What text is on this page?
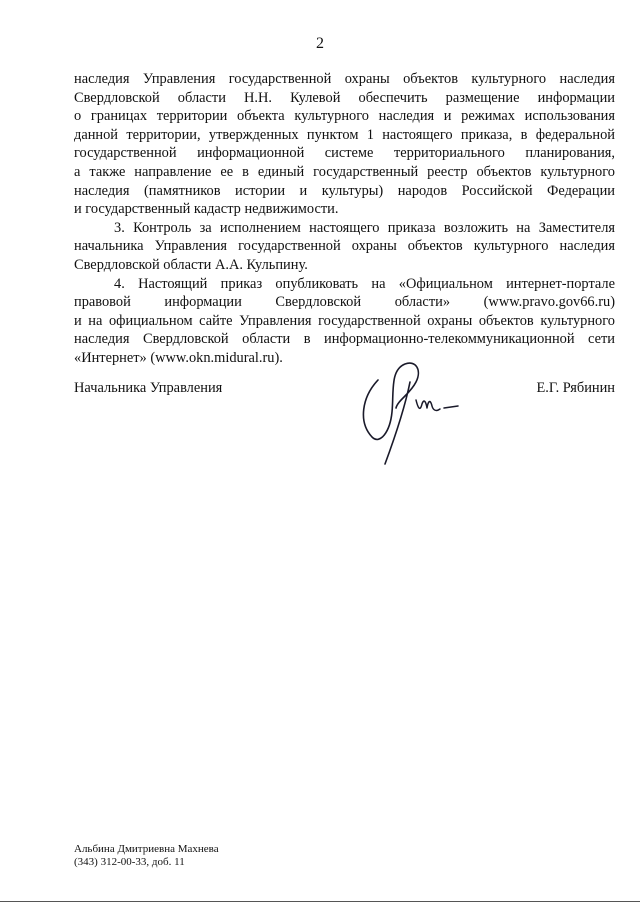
2

наследия Управления государственной охраны объектов культурного наследия
Свердловской области Н.Н. Кулевой обеспечить размещение информации
о границах территории объекта культурного наследия и режимах использования
данной территории, утвержденных пунктом 1 настоящего приказа, в федеральной
государственной информационной системе территориального планирования,
а также направление ее в единый государственный реестр объектов культурного
наследия (памятников истории и культуры) народов Российской Федерации
и государственный кадастр недвижимости.

3. Контроль за исполнением настоящего приказа возложить на Заместителя
начальника Управления государственной охраны объектов культурного наследия
Свердловской области А.А. Кульпину.

4. Настоящий приказ опубликовать на «Официальном интернет-портале
правовой информации Свердловской области» (www.pravo.gov66.ru)
и на официальном сайте Управления государственной охраны объектов культурного
наследия Свердловской области в информационно-телекоммуникационной сети
«Интернет» (www.okn.midural.ru).

Начальника Управления	Е.Г. Рябинин
Альбина Дмитриевна Махнева
(343) 312-00-33, доб. 11
